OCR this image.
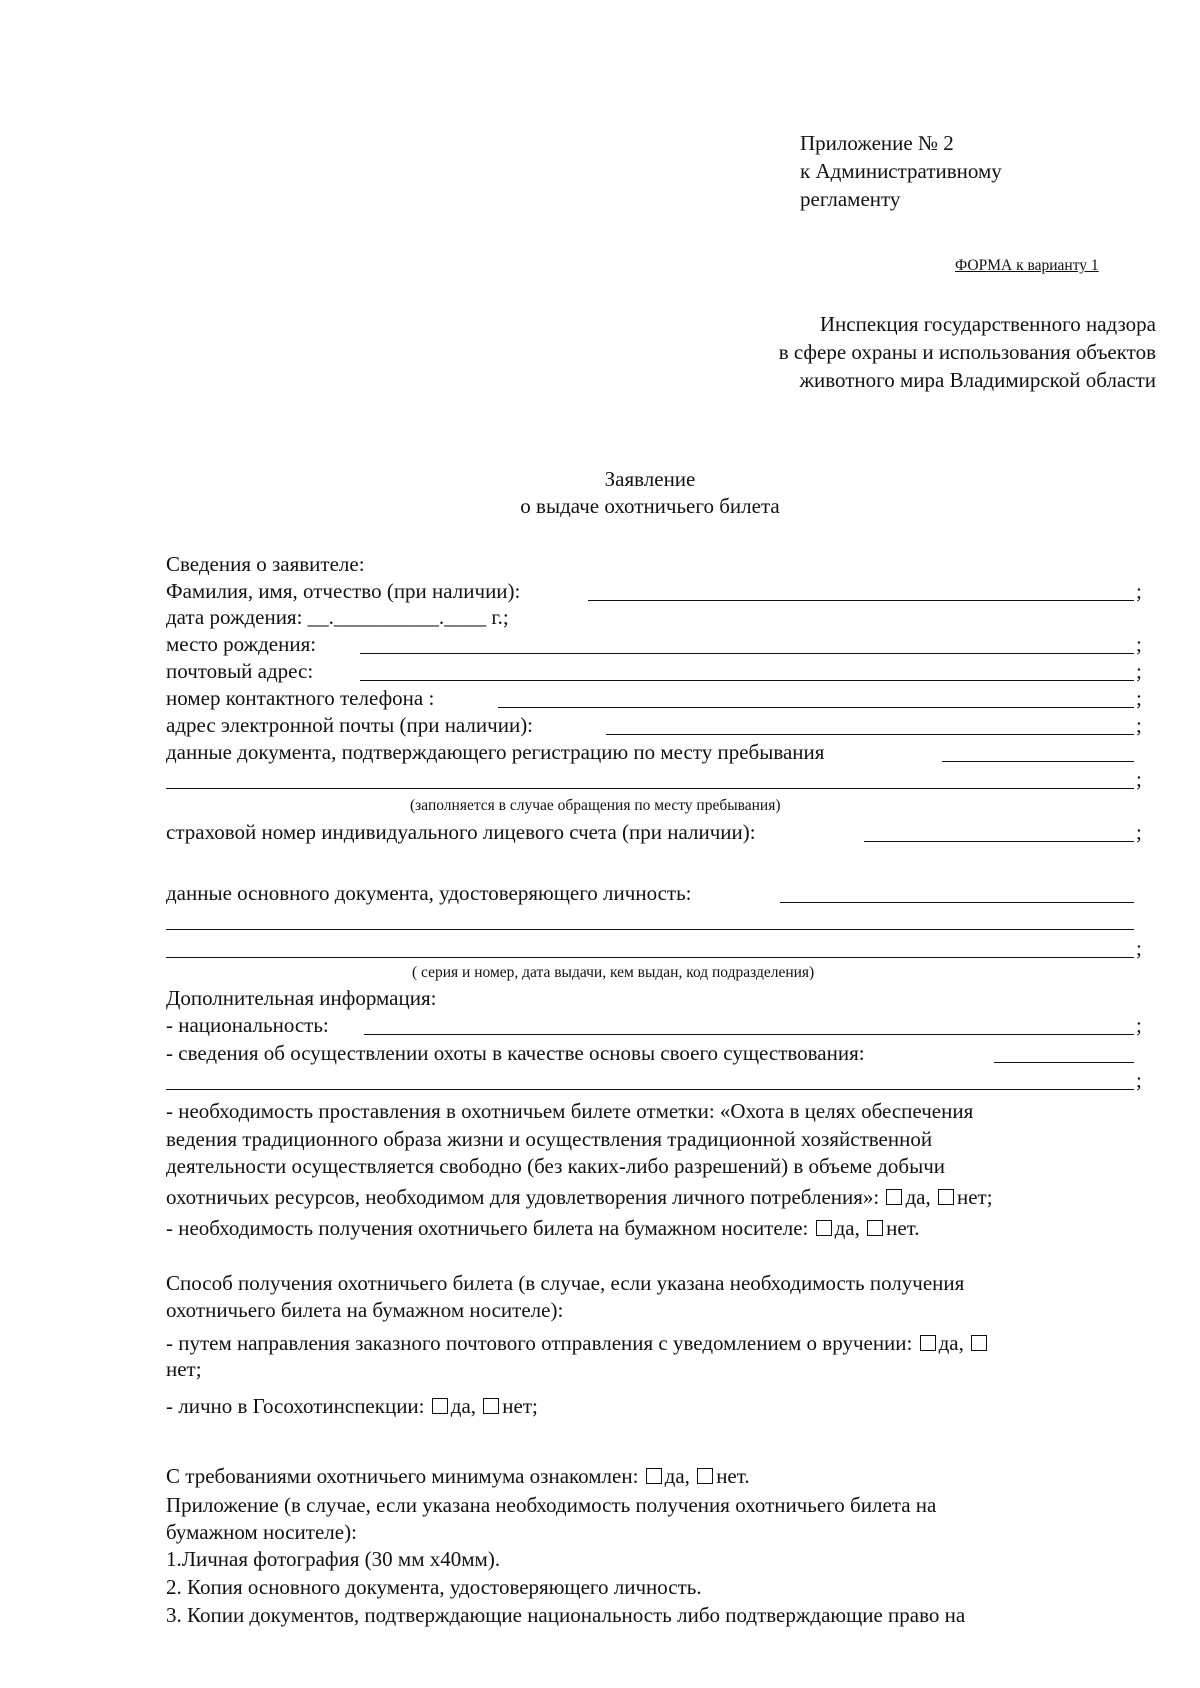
Приложение № 2
к Административному
регламенту
ФОРМА к варианту 1
Инспекция государственного надзора
в сфере охраны и использования объектов
животного мира Владимирской области
Заявление
о выдаче охотничьего билета
Сведения о заявителе:
Фамилия, имя, отчество (при наличии):	;
дата рождения: __.__________.____ г.;
место рождения:	;
почтовый адрес:	;
номер контактного телефона :	;
адрес электронной почты (при наличии):	;
данные документа, подтверждающего регистрацию по месту пребывания
;
(заполняется в случае обращения по месту пребывания)
страховой номер индивидуального лицевого счета (при наличии):	;
данные основного документа, удостоверяющего личность:
;
( серия и номер, дата выдачи, кем выдан, код подразделения)
Дополнительная информация:
- национальность:	;
- сведения об осуществлении охоты в качестве основы своего существования:
;
- необходимость проставления в охотничьем билете отметки: «Охота в целях обеспечения
ведения традиционного образа жизни и осуществления традиционной хозяйственной
деятельности осуществляется свободно (без каких-либо разрешений) в объеме добычи
охотничьих ресурсов, необходимом для удовлетворения личного потребления»: да, нет;
- необходимость получения охотничьего билета на бумажном носителе: да, нет.
Способ получения охотничьего билета (в случае, если указана необходимость получения
охотничьего билета на бумажном носителе):
- путем направления заказного почтового отправления с уведомлением о вручении: да,
нет;
- лично в Госохотинспекции: да, нет;
С требованиями охотничьего минимума ознакомлен: да, нет.
Приложение (в случае, если указана необходимость получения охотничьего билета на
бумажном носителе):
1.Личная фотография (30 мм х40мм).
2. Копия основного документа, удостоверяющего личность.
3. Копии документов, подтверждающие национальность либо подтверждающие право на
